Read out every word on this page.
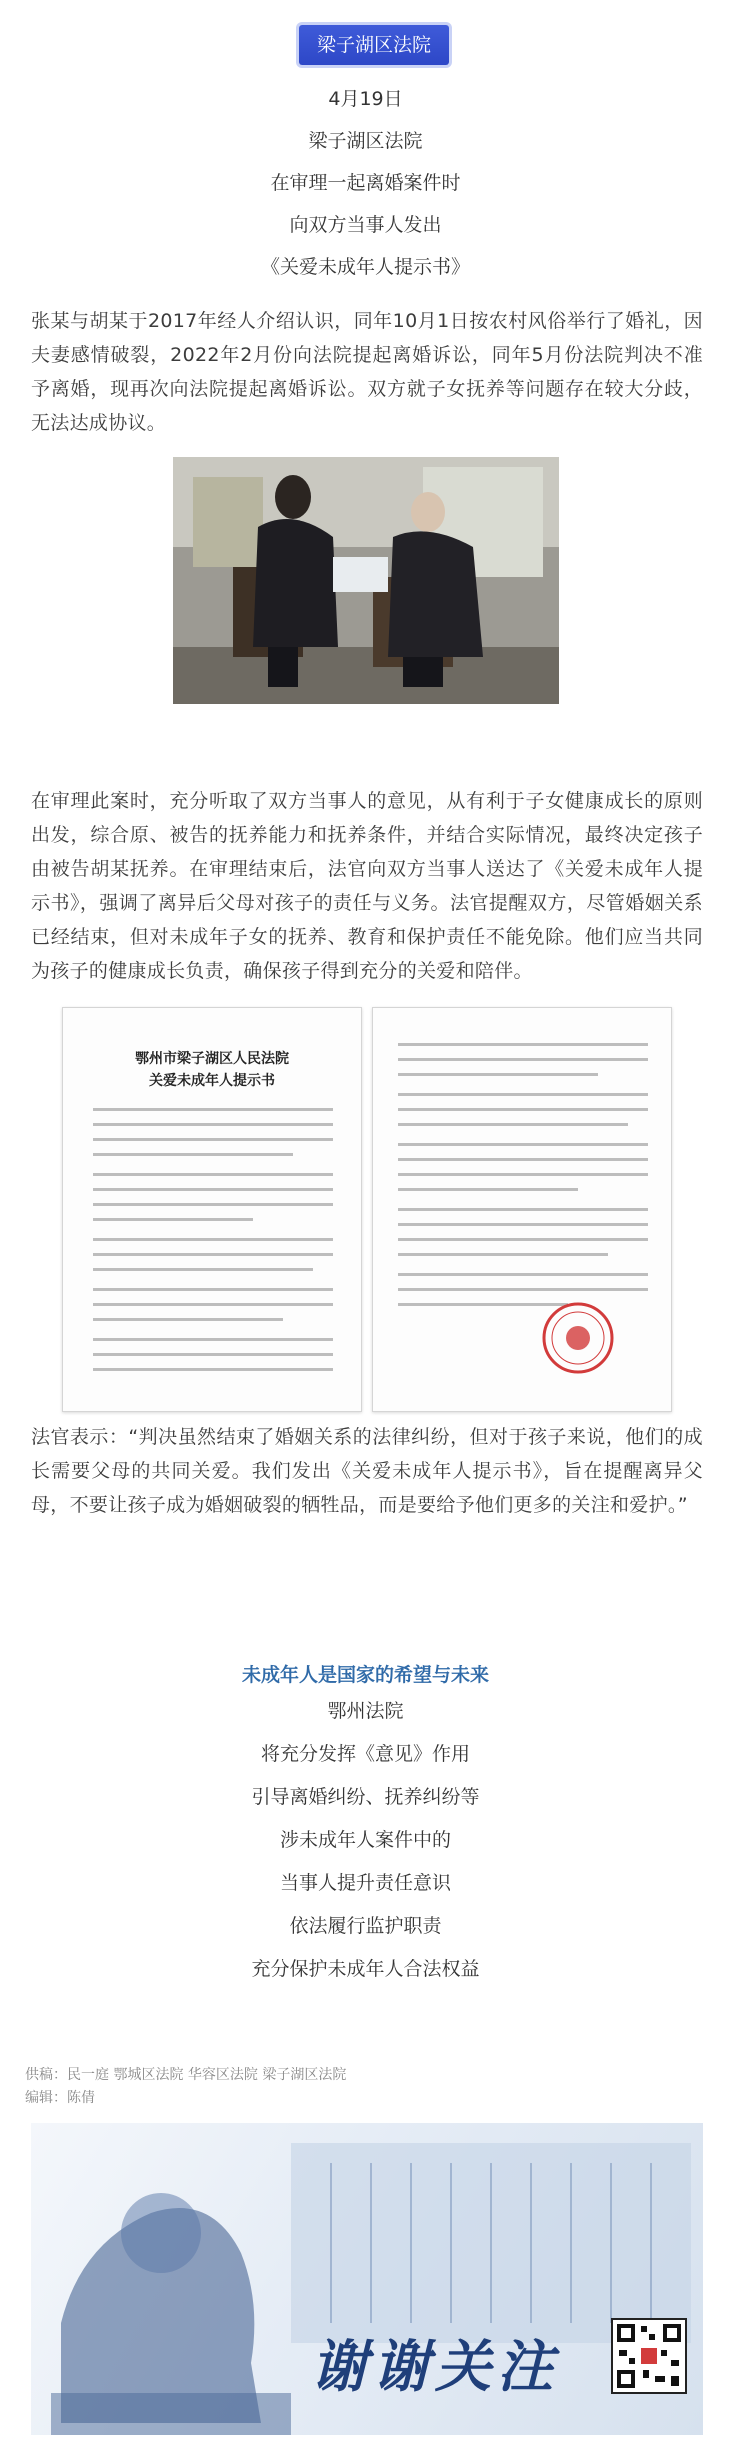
梁子湖区法院

4月19日

梁子湖区法院

在审理一起离婚案件时

向双方当事人发出

《关爱未成年人提示书》

张某与胡某于2017年经人介绍认识，同年10月1日按农村风俗举行了婚礼，因夫妻感情破裂，2022年2月份向法院提起离婚诉讼，同年5月份法院判决不准予离婚，现再次向法院提起离婚诉讼。双方就子女抚养等问题存在较大分歧，无法达成协议。
在审理此案时，充分听取了双方当事人的意见，从有利于子女健康成长的原则出发，综合原、被告的抚养能力和抚养条件，并结合实际情况，最终决定孩子由被告胡某抚养。在审理结束后，法官向双方当事人送达了《关爱未成年人提示书》，强调了离异后父母对孩子的责任与义务。法官提醒双方，尽管婚姻关系已经结束，但对未成年子女的抚养、教育和保护责任不能免除。他们应当共同为孩子的健康成长负责，确保孩子得到充分的关爱和陪伴。
鄂州市梁子湖区人民法院
关爱未成年人提示书
法官表示：“判决虽然结束了婚姻关系的法律纠纷，但对于孩子来说，他们的成长需要父母的共同关爱。我们发出《关爱未成年人提示书》，旨在提醒离异父母，不要让孩子成为婚姻破裂的牺牲品，而是要给予他们更多的关注和爱护。”
未成年人是国家的希望与未来

鄂州法院

将充分发挥《意见》作用

引导离婚纠纷、抚养纠纷等

涉未成年人案件中的

当事人提升责任意识

依法履行监护职责

充分保护未成年人合法权益

供稿：民一庭 鄂城区法院 华容区法院 梁子湖区法院
编辑：陈倩
谢谢关注
